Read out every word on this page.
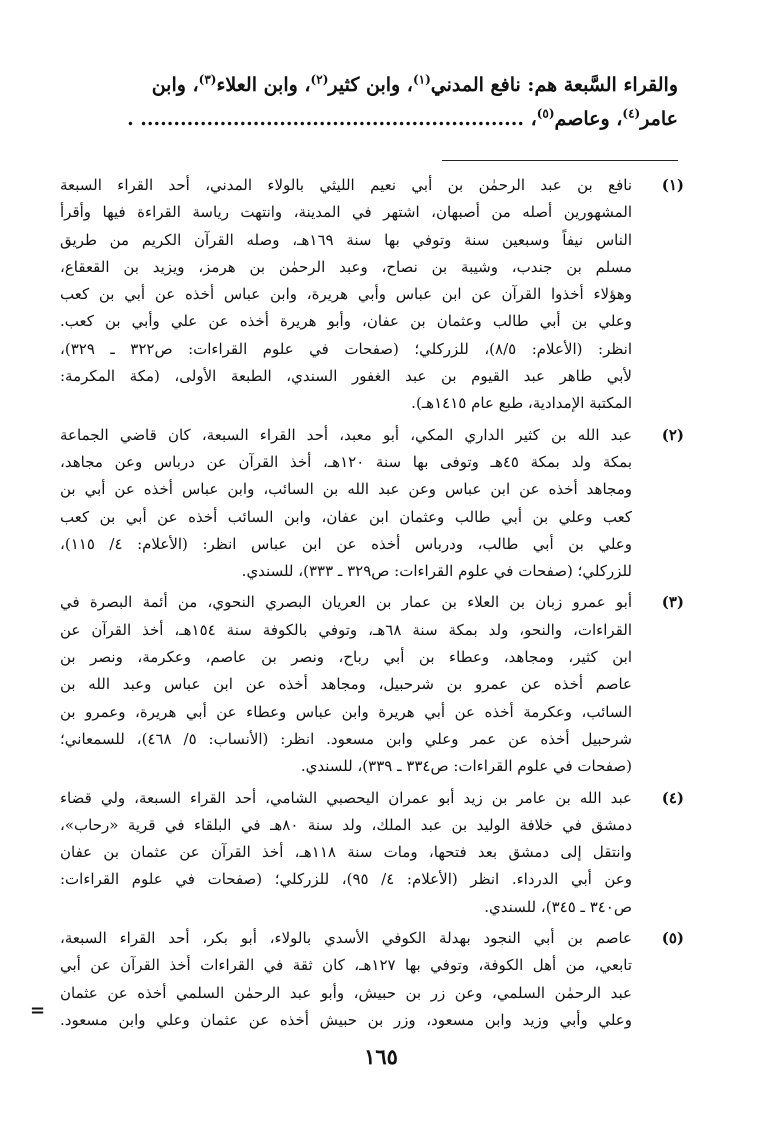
والقراء السَّبعة هم: نافع المدني$^{(١)}$، وابن كثير$^{(٢)}$، وابن العلاء$^{(٣)}$، وابن
عامر$^{(٤)}$، وعاصم$^{(٥)}$، .......................................................... .
(١)
نافع بن عبد الرحمٰن بن أبي نعيم الليثي بالولاء المدني، أحد القراء السبعة
المشهورين أصله من أصبهان، اشتهر في المدينة، وانتهت رياسة القراءة فيها وأقرأ
الناس نيفاً وسبعين سنة وتوفي بها سنة ١٦٩هـ، وصله القرآن الكريم من طريق
مسلم بن جندب، وشيبة بن نصاح، وعبد الرحمٰن بن هرمز، ويزيد بن القعقاع،
وهؤلاء أخذوا القرآن عن ابن عباس وأبي هريرة، وابن عباس أخذه عن أبي بن كعب
وعلي بن أبي طالب وعثمان بن عفان، وأبو هريرة أخذه عن علي وأبي بن كعب.
انظر: (الأعلام: ٨/٥)، للزركلي؛ (صفحات في علوم القراءات: ص٣٢٢ ـ ٣٢٩)،
لأبي طاهر عبد القيوم بن عبد الغفور السندي، الطبعة الأولى، (مكة المكرمة:
المكتبة الإمدادية، طبع عام ١٤١٥هـ).
(٢)
عبد الله بن كثير الداري المكي، أبو معبد، أحد القراء السبعة، كان قاضي الجماعة
بمكة ولد بمكة ٤٥هـ وتوفى بها سنة ١٢٠هـ، أخذ القرآن عن درباس وعن مجاهد،
ومجاهد أخذه عن ابن عباس وعن عبد الله بن السائب، وابن عباس أخذه عن أبي بن
كعب وعلي بن أبي طالب وعثمان ابن عفان، وابن السائب أخذه عن أبي بن كعب
وعلي بن أبي طالب، ودرباس أخذه عن ابن عباس انظر: (الأعلام: ٤/ ١١٥)،
للزركلي؛ (صفحات في علوم القراءات: ص٣٢٩ ـ ٣٣٣)، للسندي.
(٣)
أبو عمرو زبان بن العلاء بن عمار بن العريان البصري النحوي، من أئمة البصرة في
القراءات، والنحو، ولد بمكة سنة ٦٨هـ، وتوفي بالكوفة سنة ١٥٤هـ، أخذ القرآن عن
ابن كثير، ومجاهد، وعطاء بن أبي رباح، ونصر بن عاصم، وعكرمة، ونصر بن
عاصم أخذه عن عمرو بن شرحبيل، ومجاهد أخذه عن ابن عباس وعبد الله بن
السائب، وعكرمة أخذه عن أبي هريرة وابن عباس وعطاء عن أبي هريرة، وعمرو بن
شرحبيل أخذه عن عمر وعلي وابن مسعود. انظر: (الأنساب: ٥/ ٤٦٨)، للسمعاني؛
(صفحات في علوم القراءات: ص٣٣٤ ـ ٣٣٩)، للسندي.
(٤)
عبد الله بن عامر بن زيد أبو عمران اليحصبي الشامي، أحد القراء السبعة، ولي قضاء
دمشق في خلافة الوليد بن عبد الملك، ولد سنة ٨٠هـ في البلقاء في قرية «رحاب»،
وانتقل إلى دمشق بعد فتحها، ومات سنة ١١٨هـ، أخذ القرآن عن عثمان بن عفان
وعن أبي الدرداء. انظر (الأعلام: ٤/ ٩٥)، للزركلي؛ (صفحات في علوم القراءات:
ص٣٤٠ ـ ٣٤٥)، للسندي.
(٥)
عاصم بن أبي النجود بهدلة الكوفي الأسدي بالولاء، أبو بكر، أحد القراء السبعة،
تابعي، من أهل الكوفة، وتوفي بها ١٢٧هـ، كان ثقة في القراءات أخذ القرآن عن أبي
عبد الرحمٰن السلمي، وعن زر بن حبيش، وأبو عبد الرحمٰن السلمي أخذه عن عثمان
وعلي وأبي وزيد وابن مسعود، وزر بن حبيش أخذه عن عثمان وعلي وابن مسعود.
=
١٦٥
